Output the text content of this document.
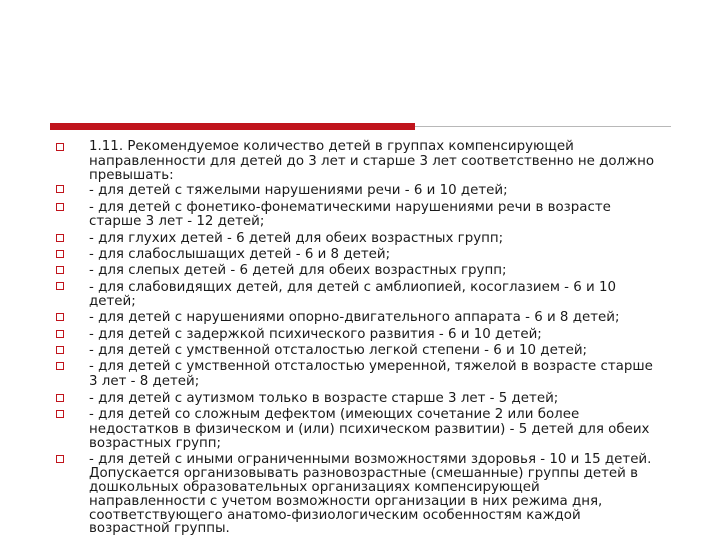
1.11. Рекомендуемое количество детей в группах компенсирующей
направленности для детей до 3 лет и старше 3 лет соответственно не должно
превышать:
- для детей с тяжелыми нарушениями речи - 6 и 10 детей;
- для детей с фонетико-фонематическими нарушениями речи в возрасте
старше 3 лет - 12 детей;
- для глухих детей - 6 детей для обеих возрастных групп;
- для слабослышащих детей - 6 и 8 детей;
- для слепых детей - 6 детей для обеих возрастных групп;
- для слабовидящих детей, для детей с амблиопией, косоглазием - 6 и 10
детей;
- для детей с нарушениями опорно-двигательного аппарата - 6 и 8 детей;
- для детей с задержкой психического развития - 6 и 10 детей;
- для детей с умственной отсталостью легкой степени - 6 и 10 детей;
- для детей с умственной отсталостью умеренной, тяжелой в возрасте старше
3 лет - 8 детей;
- для детей с аутизмом только в возрасте старше 3 лет - 5 детей;
- для детей со сложным дефектом (имеющих сочетание 2 или более
недостатков в физическом и (или) психическом развитии) - 5 детей для обеих
возрастных групп;
- для детей с иными ограниченными возможностями здоровья - 10 и 15 детей.
Допускается организовывать разновозрастные (смешанные) группы детей в
дошкольных образовательных организациях компенсирующей
направленности с учетом возможности организации в них режима дня,
соответствующего анатомо-физиологическим особенностям каждой
возрастной группы.
